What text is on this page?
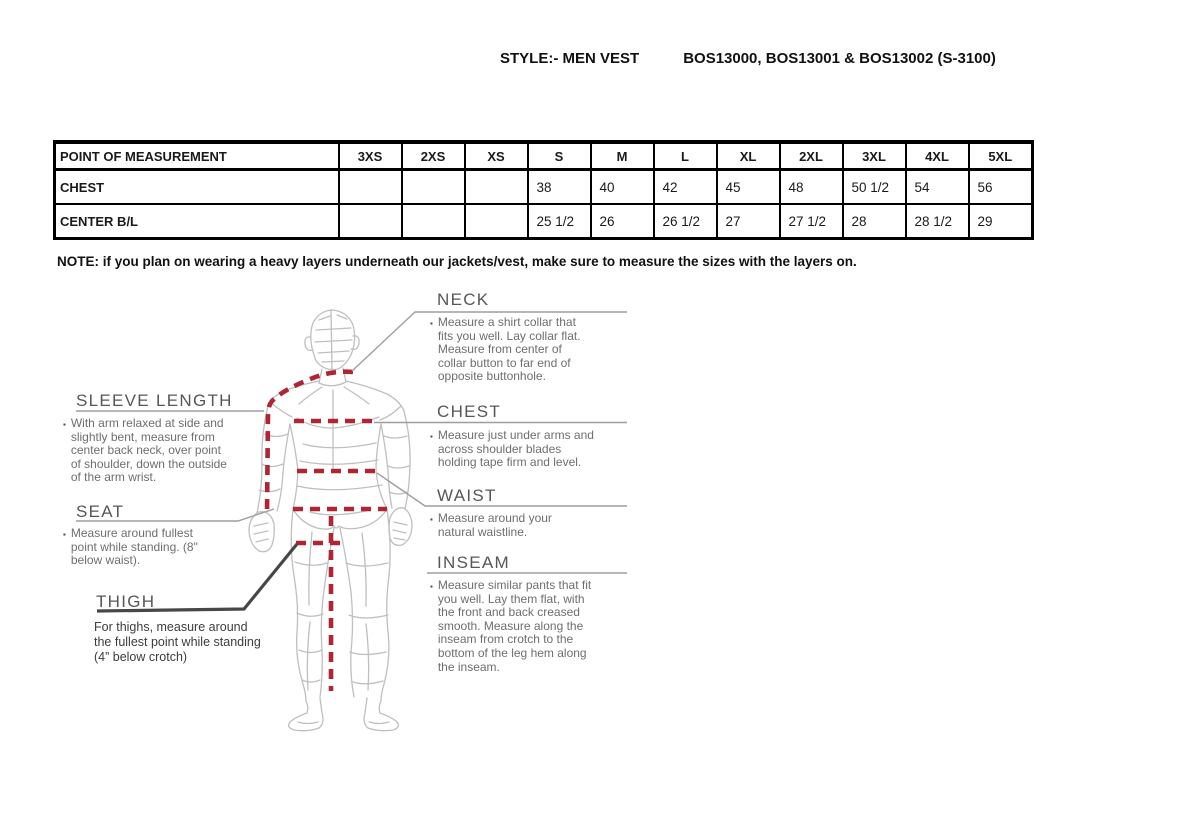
STYLE:- MEN VEST	BOS13000, BOS13001 & BOS13002 (S-3100)
POINT OF MEASUREMENT	3XS	2XS	XS	S	M	L	XL	2XL	3XL	4XL	5XL
CHEST				38	40	42	45	48	50 1/2	54	56
CENTER B/L				25 1/2	26	26 1/2	27	27 1/2	28	28 1/2	29
NOTE: if you plan on wearing a heavy layers underneath our jackets/vest, make sure to measure the sizes with the layers on.
NECK
▪ Measure a shirt collar that fits you well. Lay collar flat. Measure from center of collar button to far end of opposite buttonhole.
CHEST
▪ Measure just under arms and across shoulder blades holding tape firm and level.
WAIST
▪ Measure around your natural waistline.
INSEAM
▪ Measure similar pants that fit you well. Lay them flat, with the front and back creased smooth. Measure along the inseam from crotch to the bottom of the leg hem along the inseam.
SLEEVE LENGTH
▪ With arm relaxed at side and slightly bent, measure from center back neck, over point of shoulder, down the outside of the arm wrist.
SEAT
▪ Measure around fullest point while standing. (8" below waist).
THIGH
For thighs, measure around the fullest point while standing (4” below crotch)
